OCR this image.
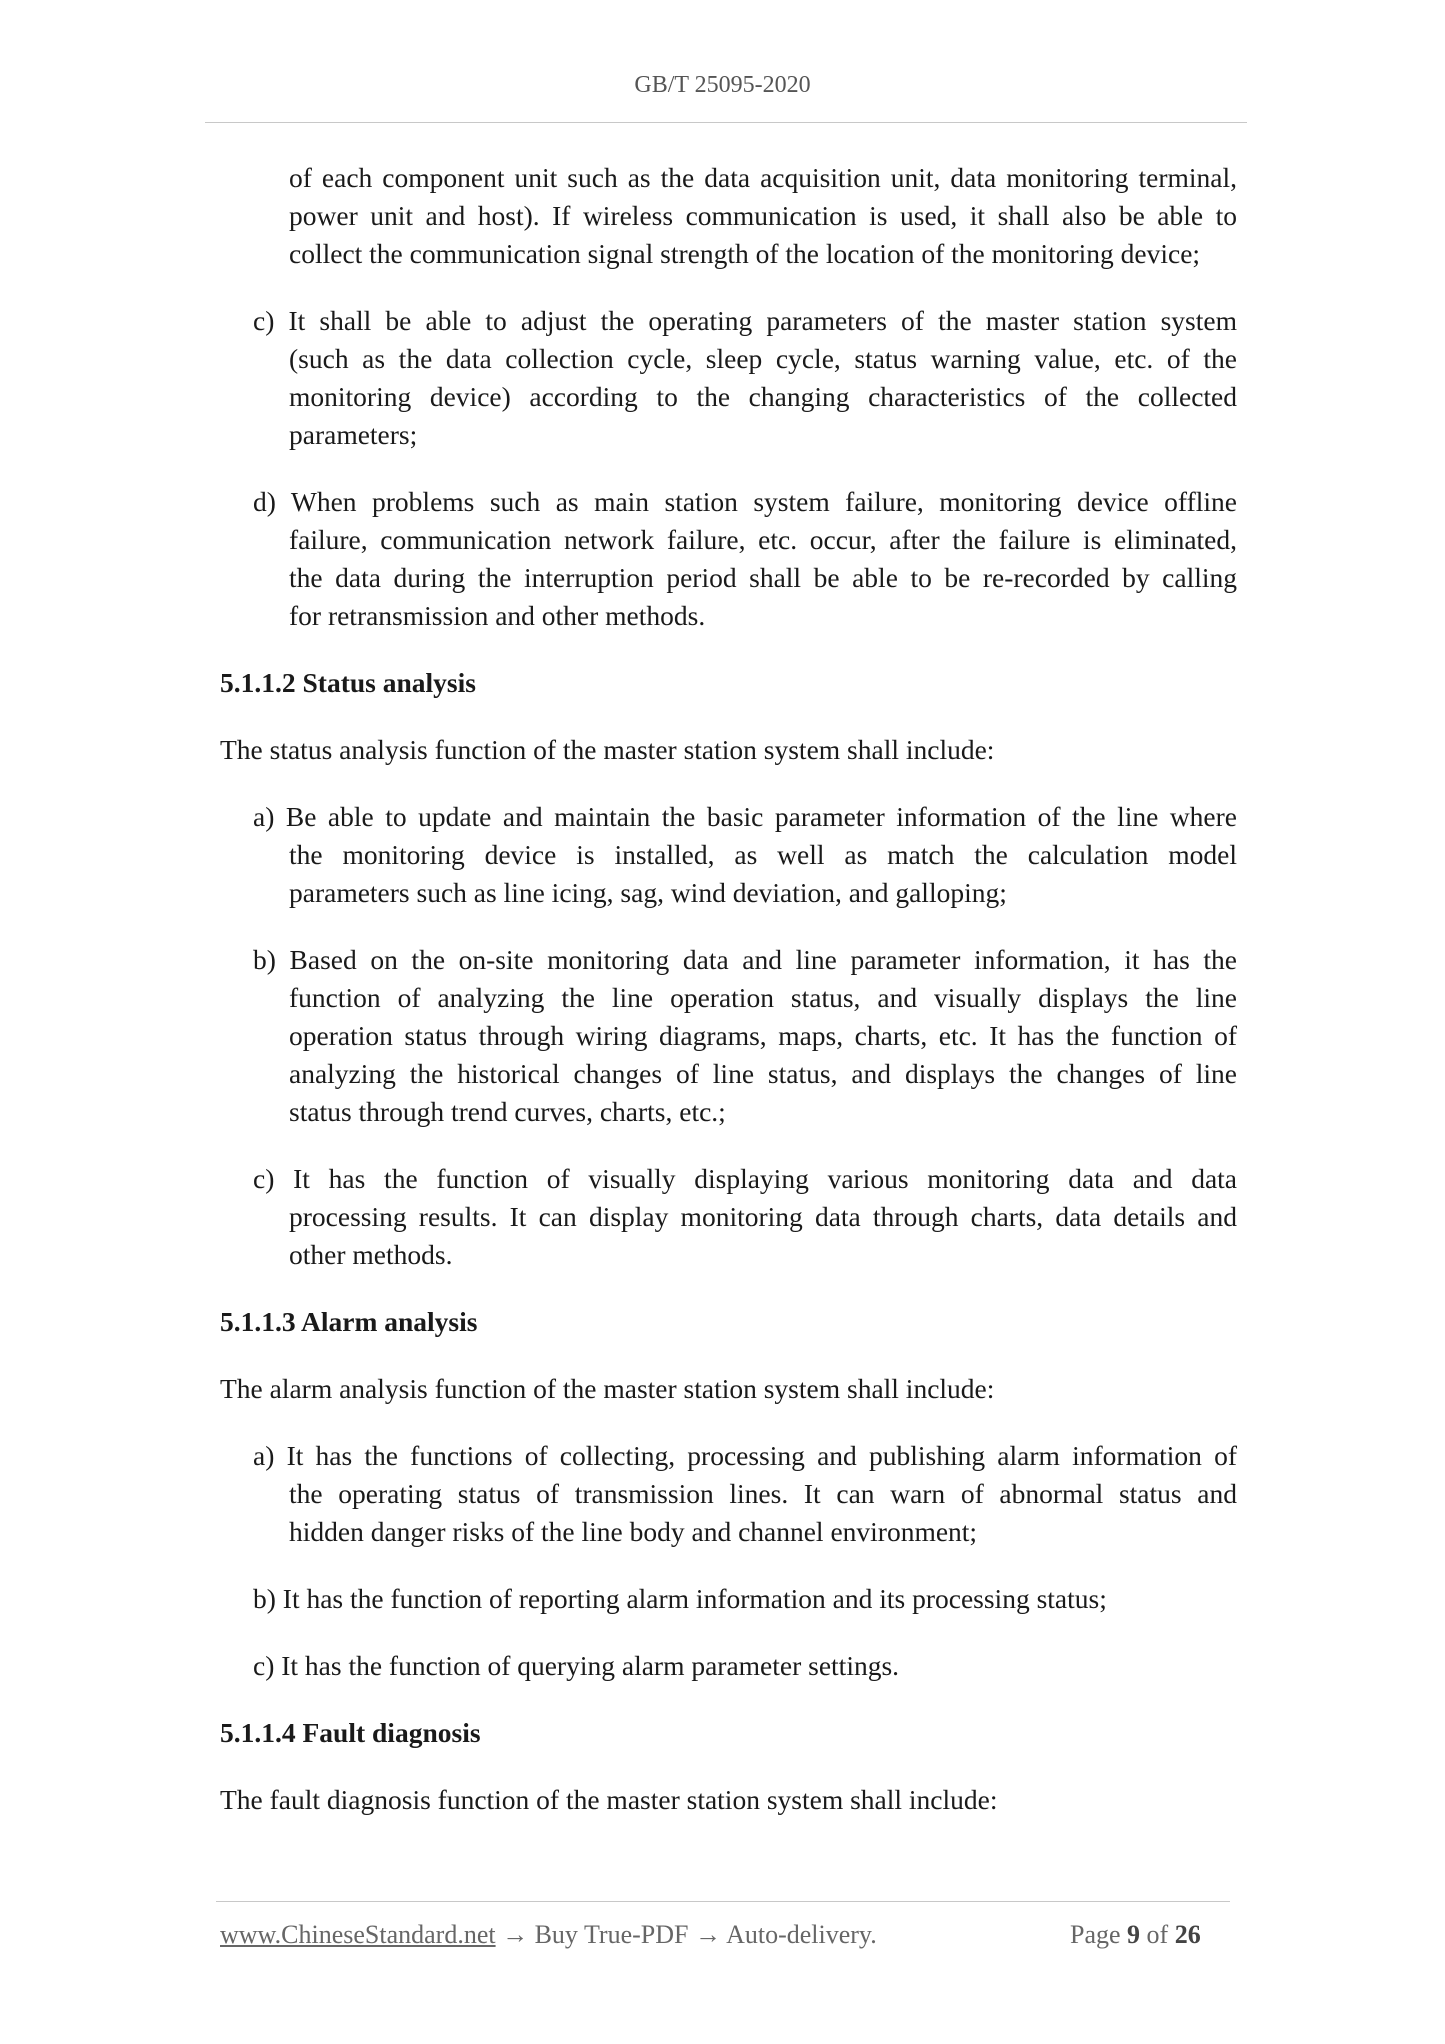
GB/T 25095-2020
of each component unit such as the data acquisition unit, data monitoring terminal,
power unit and host). If wireless communication is used, it shall also be able to
collect the communication signal strength of the location of the monitoring device;
c) It shall be able to adjust the operating parameters of the master station system
(such as the data collection cycle, sleep cycle, status warning value, etc. of the
monitoring device) according to the changing characteristics of the collected
parameters;
d) When problems such as main station system failure, monitoring device offline
failure, communication network failure, etc. occur, after the failure is eliminated,
the data during the interruption period shall be able to be re-recorded by calling
for retransmission and other methods.
5.1.1.2 Status analysis
The status analysis function of the master station system shall include:
a) Be able to update and maintain the basic parameter information of the line where
the monitoring device is installed, as well as match the calculation model
parameters such as line icing, sag, wind deviation, and galloping;
b) Based on the on-site monitoring data and line parameter information, it has the
function of analyzing the line operation status, and visually displays the line
operation status through wiring diagrams, maps, charts, etc. It has the function of
analyzing the historical changes of line status, and displays the changes of line
status through trend curves, charts, etc.;
c) It has the function of visually displaying various monitoring data and data
processing results. It can display monitoring data through charts, data details and
other methods.
5.1.1.3 Alarm analysis
The alarm analysis function of the master station system shall include:
a) It has the functions of collecting, processing and publishing alarm information of
the operating status of transmission lines. It can warn of abnormal status and
hidden danger risks of the line body and channel environment;
b) It has the function of reporting alarm information and its processing status;
c) It has the function of querying alarm parameter settings.
5.1.1.4 Fault diagnosis
The fault diagnosis function of the master station system shall include:
www.ChineseStandard.net → Buy True-PDF → Auto-delivery.	Page 9 of 26
